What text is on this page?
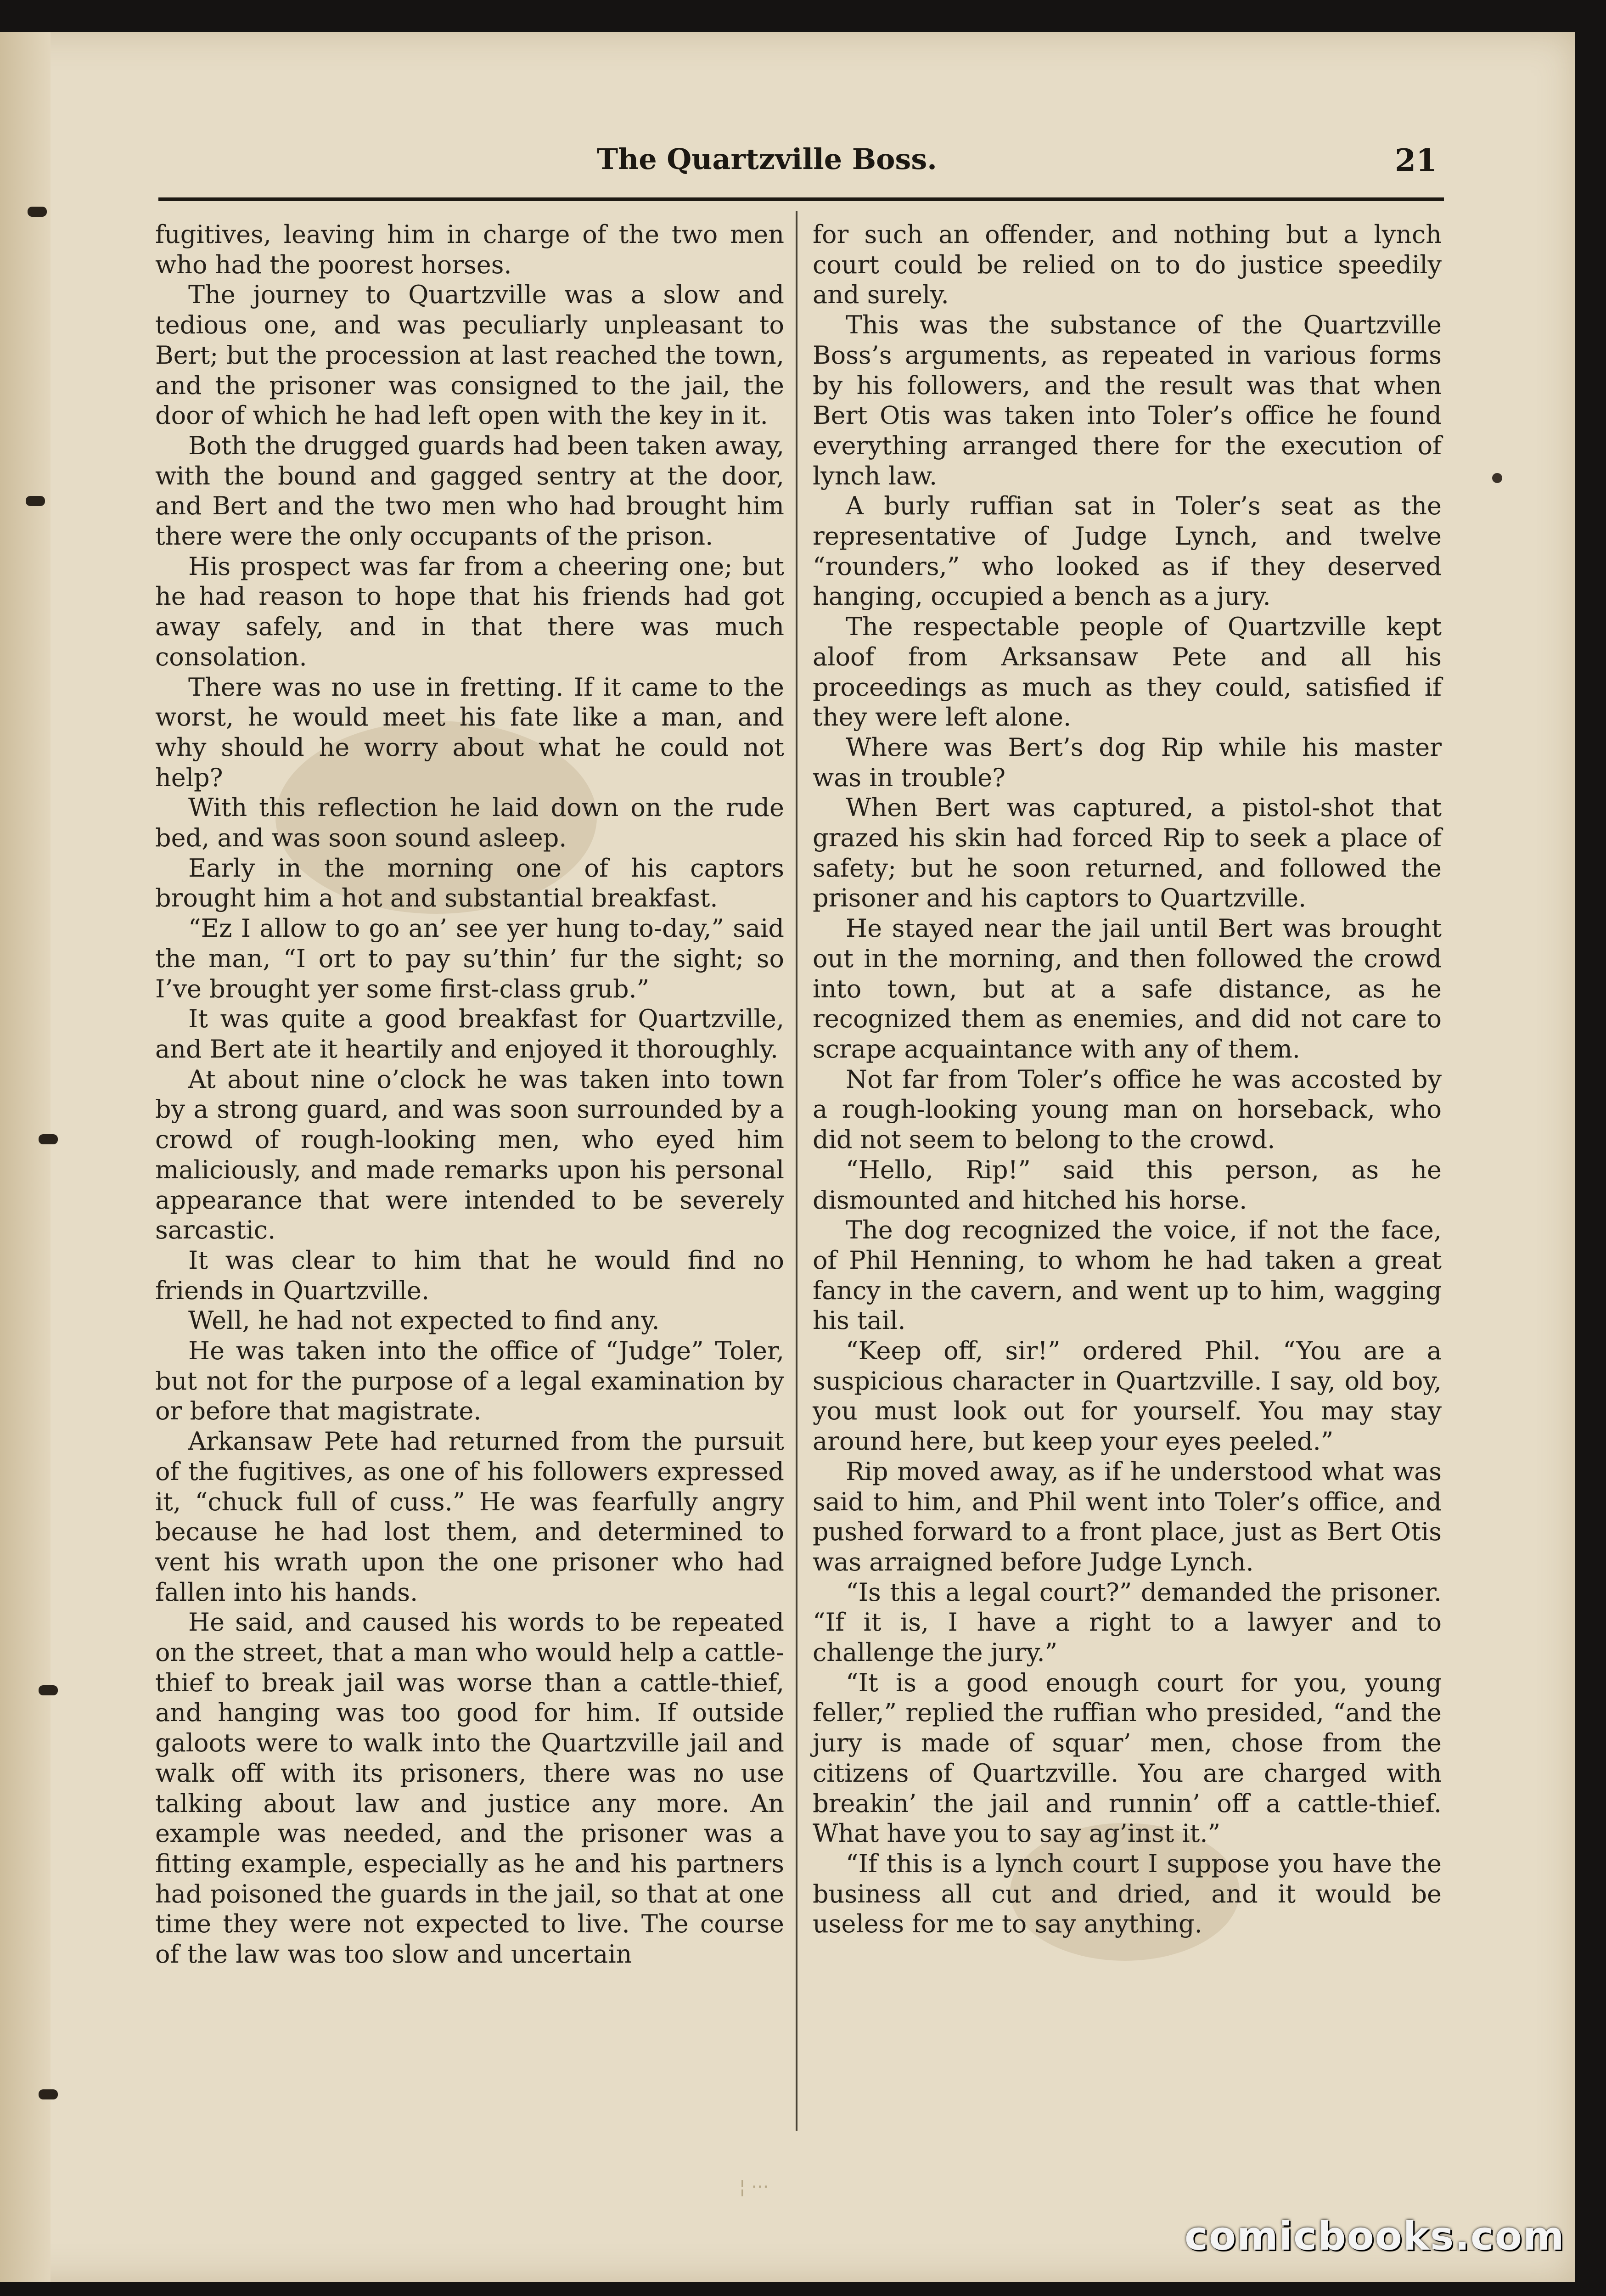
The Quartzville Boss.	21

fugitives, leaving him in charge of the two men who had the poorest horses.

The journey to Quartzville was a slow and tedious one, and was peculiarly unpleasant to Bert; but the procession at last reached the town, and the prisoner was consigned to the jail, the door of which he had left open with the key in it.

Both the drugged guards had been taken away, with the bound and gagged sentry at the door, and Bert and the two men who had brought him there were the only occupants of the prison.

His prospect was far from a cheering one; but he had reason to hope that his friends had got away safely, and in that there was much consolation.

There was no use in fretting. If it came to the worst, he would meet his fate like a man, and why should he worry about what he could not help?

With this reflection he laid down on the rude bed, and was soon sound asleep.

Early in the morning one of his captors brought him a hot and substantial breakfast.

“Ez I allow to go an’ see yer hung to-day,” said the man, “I ort to pay su’thin’ fur the sight; so I’ve brought yer some first-class grub.”

It was quite a good breakfast for Quartzville, and Bert ate it heartily and enjoyed it thoroughly.

At about nine o’clock he was taken into town by a strong guard, and was soon surrounded by a crowd of rough-looking men, who eyed him maliciously, and made remarks upon his personal appearance that were intended to be severely sarcastic.

It was clear to him that he would find no friends in Quartzville.

Well, he had not expected to find any.

He was taken into the office of “Judge” Toler, but not for the purpose of a legal examination by or before that magistrate.

Arkansaw Pete had returned from the pursuit of the fugitives, as one of his followers expressed it, “chuck full of cuss.” He was fearfully angry because he had lost them, and determined to vent his wrath upon the one prisoner who had fallen into his hands.

He said, and caused his words to be repeated on the street, that a man who would help a cattle-thief to break jail was worse than a cattle-thief, and hanging was too good for him. If outside galoots were to walk into the Quartzville jail and walk off with its prisoners, there was no use talking about law and justice any more. An example was needed, and the prisoner was a fitting example, especially as he and his partners had poisoned the guards in the jail, so that at one time they were not expected to live. The course of the law was too slow and uncertain

for such an offender, and nothing but a lynch court could be relied on to do justice speedily and surely.

This was the substance of the Quartzville Boss’s arguments, as repeated in various forms by his followers, and the result was that when Bert Otis was taken into Toler’s office he found everything arranged there for the execution of lynch law.

A burly ruffian sat in Toler’s seat as the representative of Judge Lynch, and twelve “rounders,” who looked as if they deserved hanging, occupied a bench as a jury.

The respectable people of Quartzville kept aloof from Arksansaw Pete and all his proceedings as much as they could, satisfied if they were left alone.

Where was Bert’s dog Rip while his master was in trouble?

When Bert was captured, a pistol-shot that grazed his skin had forced Rip to seek a place of safety; but he soon returned, and followed the prisoner and his captors to Quartzville.

He stayed near the jail until Bert was brought out in the morning, and then followed the crowd into town, but at a safe distance, as he recognized them as enemies, and did not care to scrape acquaintance with any of them.

Not far from Toler’s office he was accosted by a rough-looking young man on horseback, who did not seem to belong to the crowd.

“Hello, Rip!” said this person, as he dismounted and hitched his horse.

The dog recognized the voice, if not the face, of Phil Henning, to whom he had taken a great fancy in the cavern, and went up to him, wagging his tail.

“Keep off, sir!” ordered Phil. “You are a suspicious character in Quartzville. I say, old boy, you must look out for yourself. You may stay around here, but keep your eyes peeled.”

Rip moved away, as if he understood what was said to him, and Phil went into Toler’s office, and pushed forward to a front place, just as Bert Otis was arraigned before Judge Lynch.

“Is this a legal court?” demanded the prisoner. “If it is, I have a right to a lawyer and to challenge the jury.”

“It is a good enough court for you, young feller,” replied the ruffian who presided, “and the jury is made of squar’ men, chose from the citizens of Quartzville. You are charged with breakin’ the jail and runnin’ off a cattle-thief. What have you to say ag’inst it.”

“If this is a lynch court I suppose you have the business all cut and dried, and it would be useless for me to say anything.

¦ ···
comicbooks.com
